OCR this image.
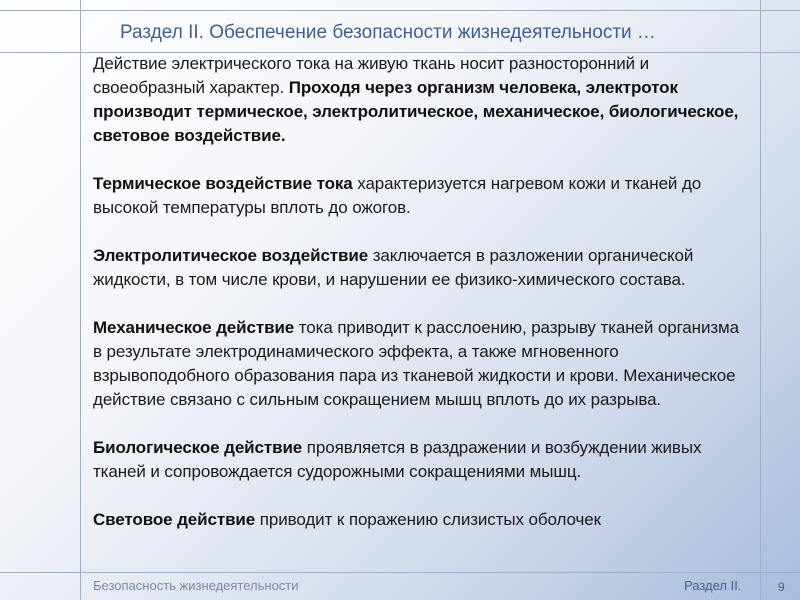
Раздел II. Обеспечение безопасности жизнедеятельности …

Действие электрического тока на живую ткань носит разносторонний и своеобразный характер. Проходя через организм человека, электроток производит термическое, электролитическое, механическое, биологическое, световое воздействие.

Термическое воздействие тока характеризуется нагревом кожи и тканей до высокой температуры вплоть до ожогов.

Электролитическое воздействие заключается в разложении органической жидкости, в том числе крови, и нарушении ее физико-химического состава.

Механическое действие тока приводит к расслоению, разрыву тканей организма в результате электродинамического эффекта, а также мгновенного взрывоподобного образования пара из тканевой жидкости и крови. Механическое действие связано с сильным сокращением мышц вплоть до их разрыва.

Биологическое действие проявляется в раздражении и возбуждении живых тканей и сопровождается судорожными сокращениями мышц.

Световое действие приводит к поражению слизистых оболочек

Безопасность жизнедеятельности	Раздел II.	9
